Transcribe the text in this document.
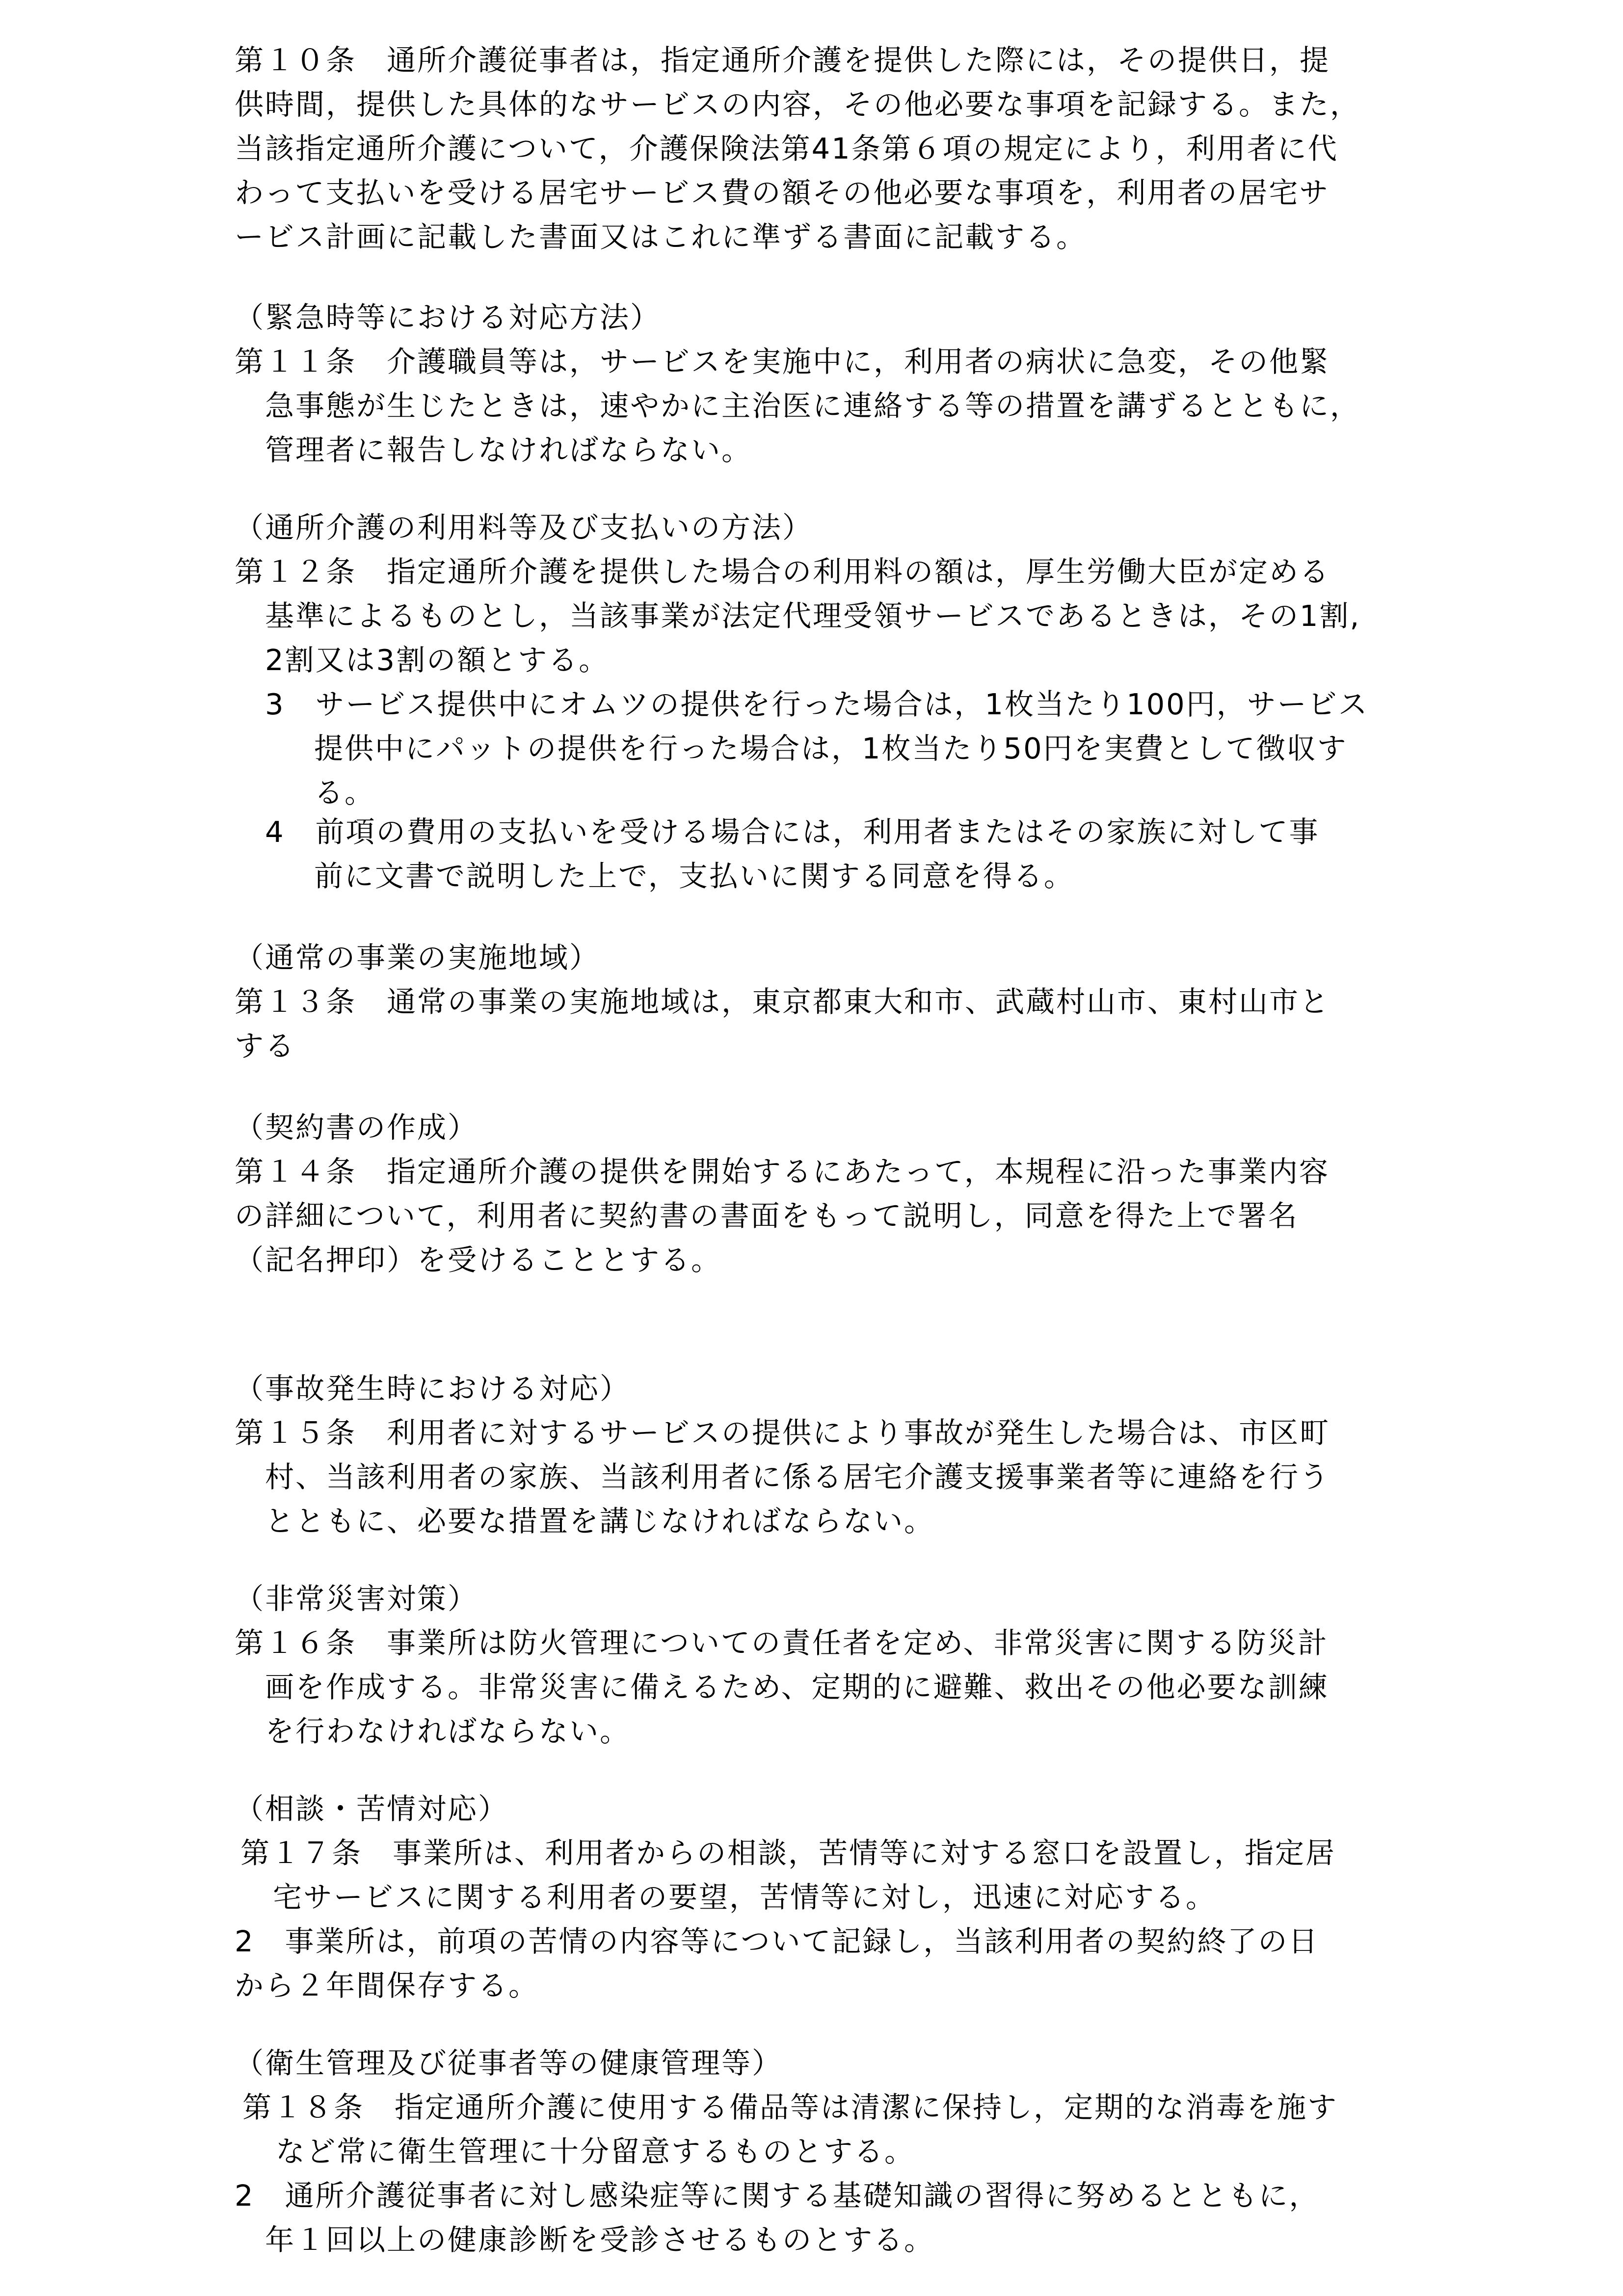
第１０条　通所介護従事者は，指定通所介護を提供した際には，その提供日，提
供時間，提供した具体的なサービスの内容，その他必要な事項を記録する。また，
当該指定通所介護について，介護保険法第41条第６項の規定により，利用者に代
わって支払いを受ける居宅サービス費の額その他必要な事項を，利用者の居宅サ
ービス計画に記載した書面又はこれに準ずる書面に記載する。
（緊急時等における対応方法）
第１１条　介護職員等は，サービスを実施中に，利用者の病状に急変，その他緊
急事態が生じたときは，速やかに主治医に連絡する等の措置を講ずるとともに，
管理者に報告しなければならない。
（通所介護の利用料等及び支払いの方法）
第１２条　指定通所介護を提供した場合の利用料の額は，厚生労働大臣が定める
基準によるものとし，当該事業が法定代理受領サービスであるときは，その1割,
2割又は3割の額とする。
3　サービス提供中にオムツの提供を行った場合は，1枚当たり100円，サービス
提供中にパットの提供を行った場合は，1枚当たり50円を実費として徴収す
る。
4　前項の費用の支払いを受ける場合には，利用者またはその家族に対して事
前に文書で説明した上で，支払いに関する同意を得る。
（通常の事業の実施地域）
第１３条　通常の事業の実施地域は，東京都東大和市、武蔵村山市、東村山市と
する
（契約書の作成）
第１４条　指定通所介護の提供を開始するにあたって，本規程に沿った事業内容
の詳細について，利用者に契約書の書面をもって説明し，同意を得た上で署名
（記名押印）を受けることとする。
（事故発生時における対応）
第１５条　利用者に対するサービスの提供により事故が発生した場合は、市区町
村、当該利用者の家族、当該利用者に係る居宅介護支援事業者等に連絡を行う
とともに、必要な措置を講じなければならない。
（非常災害対策）
第１６条　事業所は防火管理についての責任者を定め、非常災害に関する防災計
画を作成する。非常災害に備えるため、定期的に避難、救出その他必要な訓練
を行わなければならない。
（相談・苦情対応）
第１７条　事業所は、利用者からの相談，苦情等に対する窓口を設置し，指定居
宅サービスに関する利用者の要望，苦情等に対し，迅速に対応する。
2　事業所は，前項の苦情の内容等について記録し，当該利用者の契約終了の日
から２年間保存する。
（衛生管理及び従事者等の健康管理等）
第１８条　指定通所介護に使用する備品等は清潔に保持し，定期的な消毒を施す
など常に衛生管理に十分留意するものとする。
2　通所介護従事者に対し感染症等に関する基礎知識の習得に努めるとともに，
年１回以上の健康診断を受診させるものとする。
